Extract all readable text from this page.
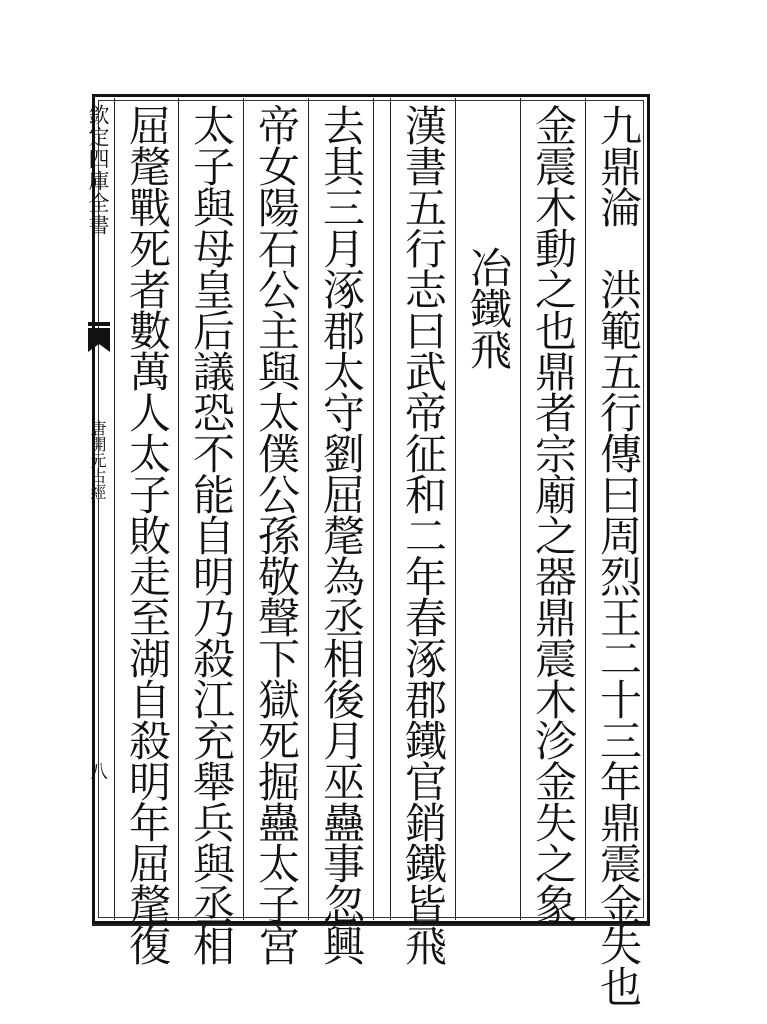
欽定四庫全書
唐開元占經
八	九鼎淪　洪範五行傳曰周烈王二十三年鼎震金失也
金震木動之也鼎者宗廟之器鼎震木沴金失之象
冶鐵飛
漢書五行志曰武帝征和二年春涿郡鐵官銷鐵皆飛
去其三月涿郡太守劉屈氂為丞相後月巫蠱事忽興
帝女陽石公主與太僕公孫敬聲下獄死掘蠱太子宮
太子與母皇后議恐不能自明乃殺江充舉兵與丞相
屈氂戰死者數萬人太子敗走至湖自殺明年屈氂復
